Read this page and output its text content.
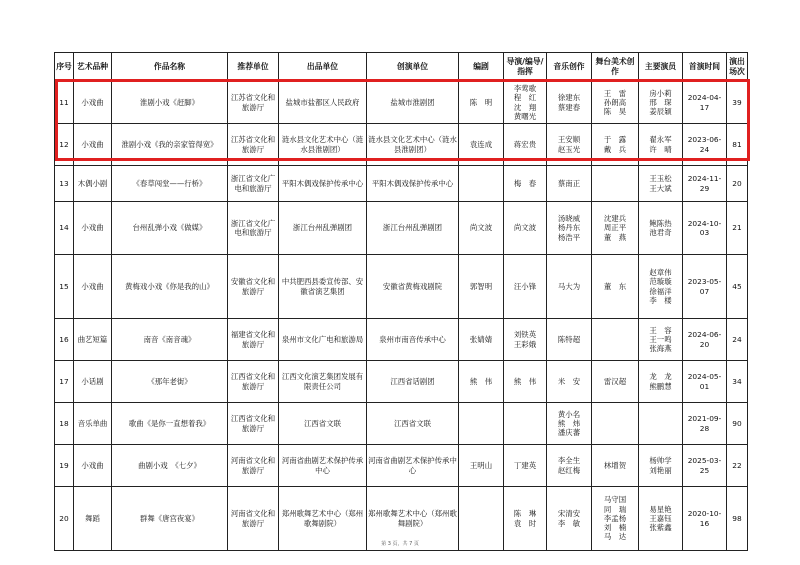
序号	艺术品种	作品名称	推荐单位	出品单位	创演单位	编剧	导演/编导/指挥	音乐创作	舞台美术创作	主要演员	首演时间	演出场次
11	小戏曲	淮剧小戏《赶脚》	江苏省文化和旅游厅	盐城市盐都区人民政府	盐城市淮剧团	陈　明	李莺歌
程　红
沈　翔
黄曙光	徐建东
蔡建春	王　雷
孙朗高
陈　昊	房小莉
邢　琛
姜辰颖	2024-04-17	39
12	小戏曲	淮剧小戏《我的亲家管得宽》	江苏省文化和旅游厅	涟水县文化艺术中心（涟水县淮剧团）	涟水县文化艺术中心（涟水县淮剧团）	袁连成	蒋宏贵	王安顺
赵玉光	于　露
戴　兵	翟永军
许　晴	2023-06-24	81
13	木偶小剧	《春草闯堂——行桥》	浙江省文化广电和旅游厅	平阳木偶戏保护传承中心	平阳木偶戏保护传承中心		梅　春	蔡南正		王玉松
王大斌	2024-11-29	20
14	小戏曲	台州乱弹小戏《做媒》	浙江省文化广电和旅游厅	浙江台州乱弹剧团	浙江台州乱弹剧团	尚文波	尚文波	汤晓威
杨丹东
杨浩平	沈建兵
周正平
董　燕	鲍陈热
池君奇	2024-10-03	21
15	小戏曲	黄梅戏小戏《你是我的山》	安徽省文化和旅游厅	中共肥西县委宣传部、安徽省演艺集团	安徽省黄梅戏剧院	郭智明	汪小锋	马大为	董　东	赵章伟
范璇璇
徐福洋
李　楼	2023-05-07	45
16	曲艺短篇	南音《南音魂》	福建省文化和旅游厅	泉州市文化广电和旅游局	泉州市南音传承中心	张婧婧	刘铁英
王彩娥	陈特超		王　容
王一鸣
张海燕	2024-06-20	24
17	小话剧	《那年老街》	江西省文化和旅游厅	江西文化演艺集团发展有限责任公司	江西省话剧团	熊　伟	熊　伟	米　安	雷汉超	龙　龙
熊鹏慧	2024-05-01	34
18	音乐单曲	歌曲《是你一直想着我》	江西省文化和旅游厅	江西省文联	江西省文联			黄小名
熊　炜
潘庆蕃			2021-09-28	90
19	小戏曲	曲剧小戏　《七夕》	河南省文化和旅游厅	河南省曲剧艺术保护传承中心	河南省曲剧艺术保护传承中心	王明山	丁建英	李全生
赵红梅	林增贺	杨帅学
刘艳丽	2025-03-25	22
20	舞蹈	群舞《唐宫夜宴》	河南省文化和旅游厅	郑州歌舞艺术中心（郑州歌舞剧院）	郑州歌舞艺术中心（郑州歌舞剧院）		陈　琳
袁　时	宋清安
李　敏	马守国
同　瑞
李孟杨
刘　楠
马　达	易星艳
王嘉钰
张紫鑫	2020-10-16	98
第 3 页，共 7 页
